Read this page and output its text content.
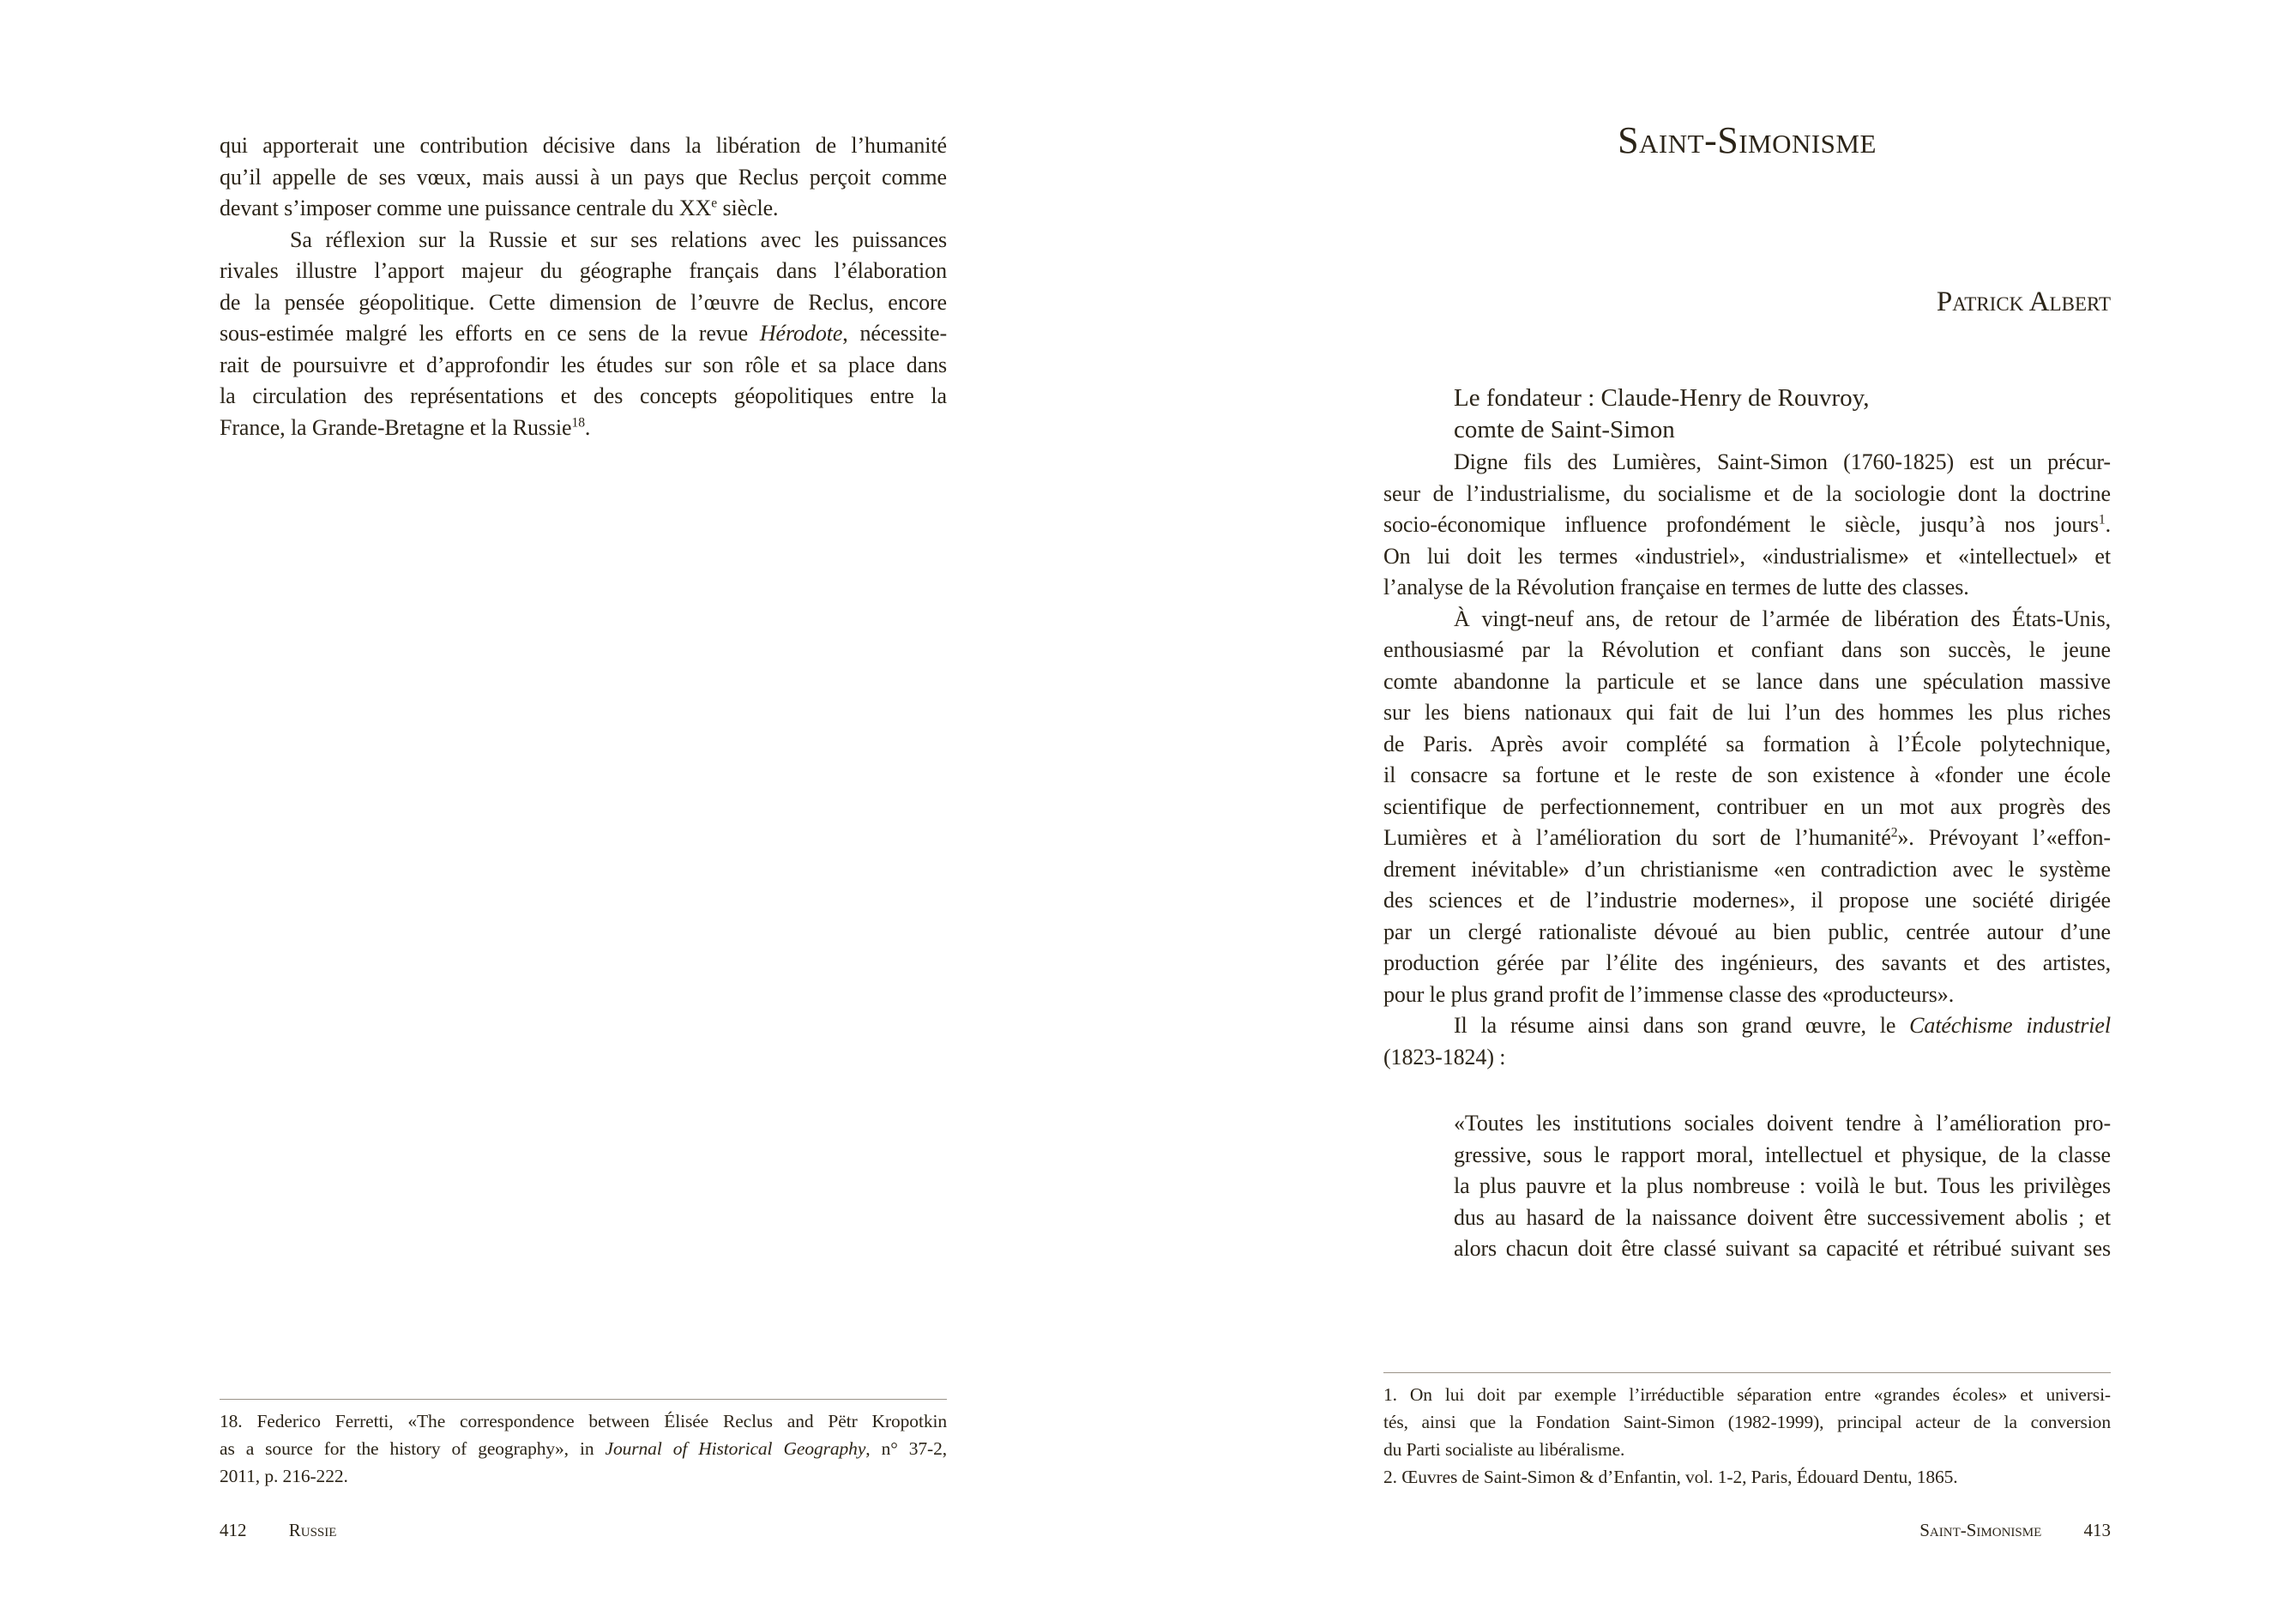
qui apporterait une contribution décisive dans la libération de l’humanité
qu’il appelle de ses vœux, mais aussi à un pays que Reclus perçoit comme
devant s’imposer comme une puissance centrale du XXe siècle.
Sa réflexion sur la Russie et sur ses relations avec les puissances
rivales illustre l’apport majeur du géographe français dans l’élaboration
de la pensée géopolitique. Cette dimension de l’œuvre de Reclus, encore
sous-estimée malgré les efforts en ce sens de la revue Hérodote, nécessite-
rait de poursuivre et d’approfondir les études sur son rôle et sa place dans
la circulation des représentations et des concepts géopolitiques entre la
France, la Grande-Bretagne et la Russie$^{18}$.
18. Federico Ferretti, «The correspondence between Élisée Reclus and Pëtr Kropotkin
as a source for the history of geography», in Journal of Historical Geography, n° 37-2,
2011, p. 216-222.
412 Russie
Saint-Simonisme
Patrick Albert
Le fondateur : Claude-Henry de Rouvroy,
comte de Saint-Simon
Digne fils des Lumières, Saint-Simon (1760-1825) est un précur-
seur de l’industrialisme, du socialisme et de la sociologie dont la doctrine
socio-économique influence profondément le siècle, jusqu’à nos jours$^1$.
On lui doit les termes «industriel», «industrialisme» et «intellectuel» et
l’analyse de la Révolution française en termes de lutte des classes.
À vingt-neuf ans, de retour de l’armée de libération des États-Unis,
enthousiasmé par la Révolution et confiant dans son succès, le jeune
comte abandonne la particule et se lance dans une spéculation massive
sur les biens nationaux qui fait de lui l’un des hommes les plus riches
de Paris. Après avoir complété sa formation à l’École polytechnique,
il consacre sa fortune et le reste de son existence à «fonder une école
scientifique de perfectionnement, contribuer en un mot aux progrès des
Lumières et à l’amélioration du sort de l’humanité$^2$». Prévoyant l’«effon-
drement inévitable» d’un christianisme «en contradiction avec le système
des sciences et de l’industrie modernes», il propose une société dirigée
par un clergé rationaliste dévoué au bien public, centrée autour d’une
production gérée par l’élite des ingénieurs, des savants et des artistes,
pour le plus grand profit de l’immense classe des «producteurs».
Il la résume ainsi dans son grand œuvre, le Catéchisme industriel
(1823-1824) :
«Toutes les institutions sociales doivent tendre à l’amélioration pro-
gressive, sous le rapport moral, intellectuel et physique, de la classe
la plus pauvre et la plus nombreuse : voilà le but. Tous les privilèges
dus au hasard de la naissance doivent être successivement abolis ; et
alors chacun doit être classé suivant sa capacité et rétribué suivant ses
1. On lui doit par exemple l’irréductible séparation entre «grandes écoles» et universi-
tés, ainsi que la Fondation Saint-Simon (1982-1999), principal acteur de la conversion
du Parti socialiste au libéralisme.
2. Œuvres de Saint-Simon & d’Enfantin, vol. 1-2, Paris, Édouard Dentu, 1865.
Saint-Simonisme 413
